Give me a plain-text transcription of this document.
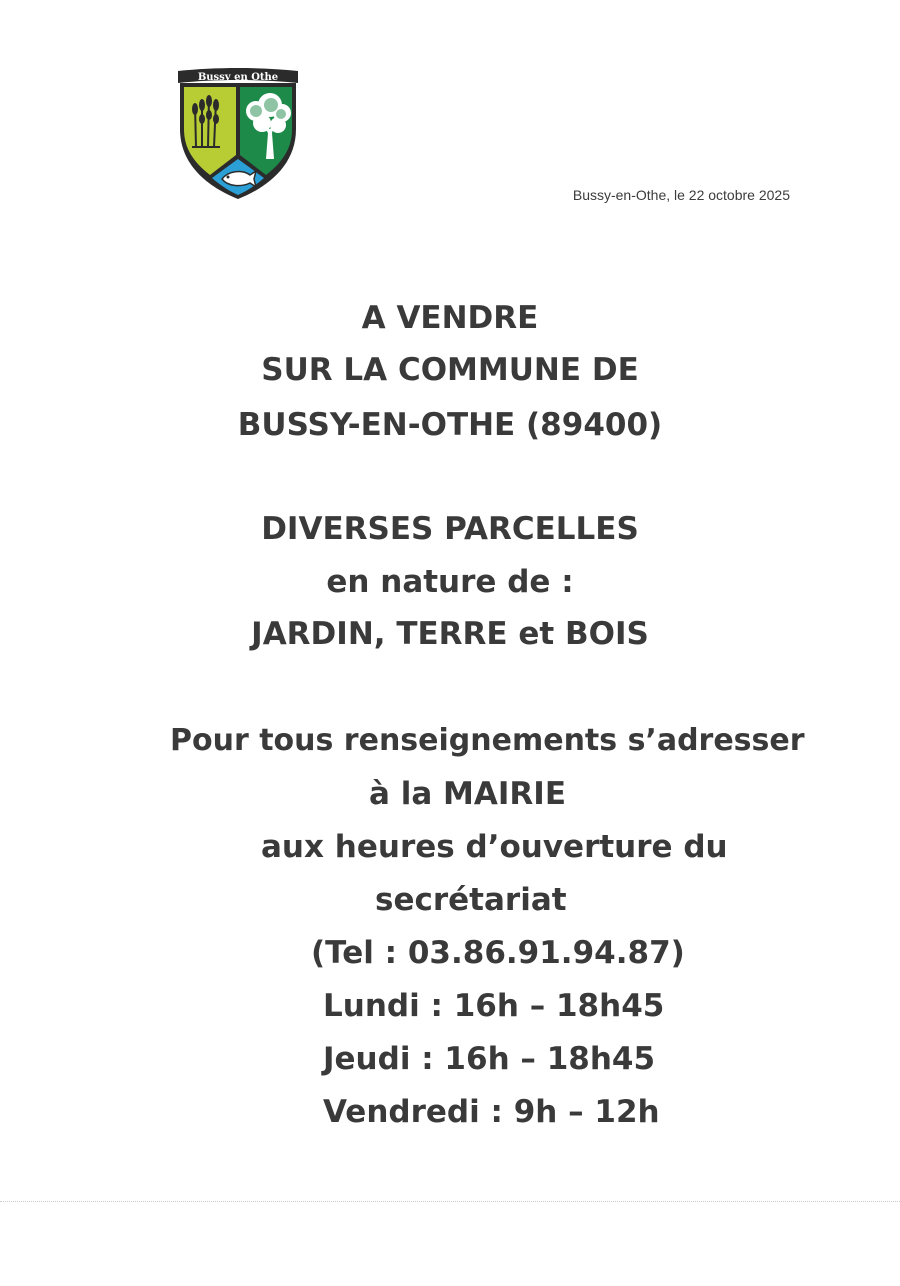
Bussy en Othe
Bussy-en-Othe, le 22 octobre 2025

A VENDRE

SUR LA COMMUNE DE

BUSSY-EN-OTHE (89400)

DIVERSES PARCELLES

en nature de :

JARDIN, TERRE et BOIS

Pour tous renseignements s’adresser

à la MAIRIE

aux heures d’ouverture du

secrétariat

(Tel : 03.86.91.94.87)

Lundi : 16h – 18h45

Jeudi : 16h – 18h45

Vendredi : 9h – 12h
